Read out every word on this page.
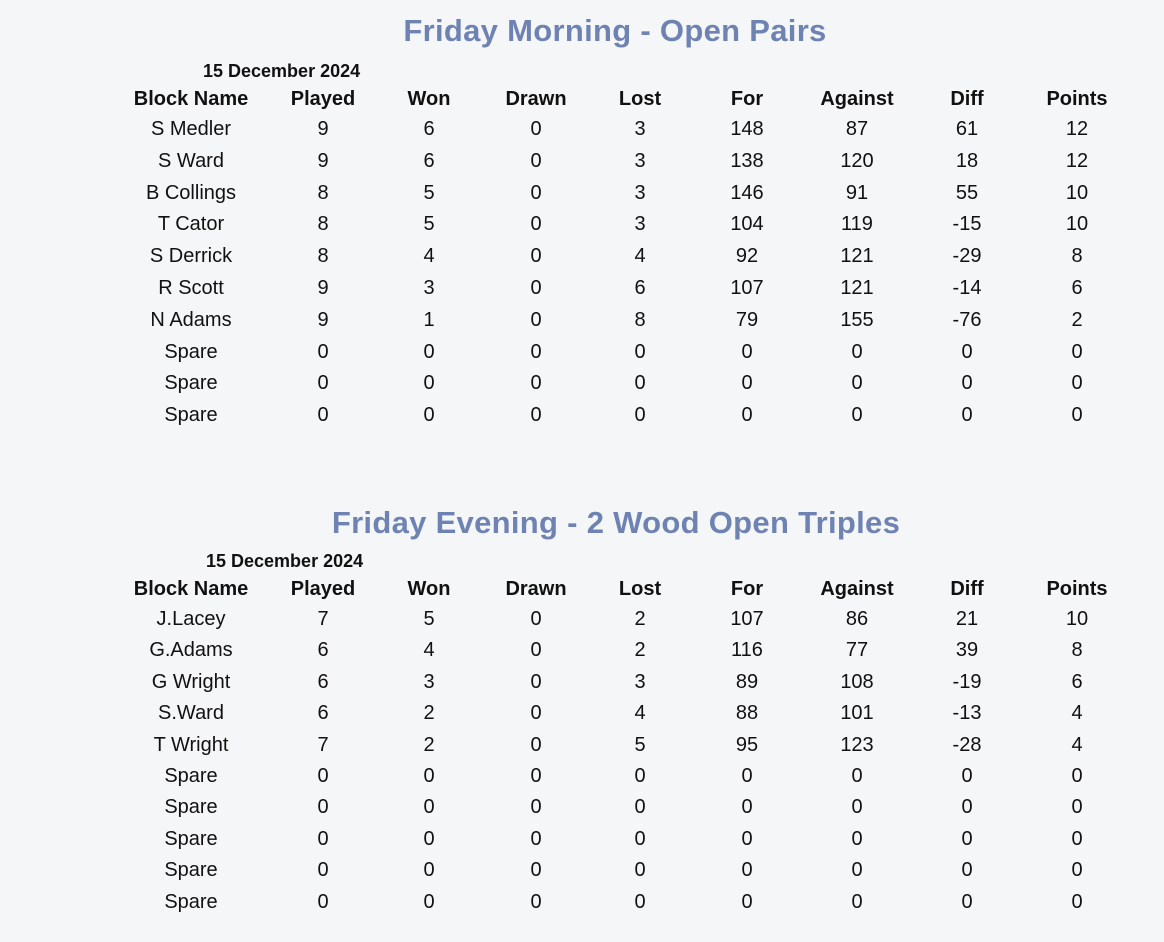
Friday Morning - Open Pairs
15 December 2024
Block Name	Played	Won	Drawn	Lost	For	Against	Diff	Points
S Medler	9	6	0	3	148	87	61	12
S Ward	9	6	0	3	138	120	18	12
B Collings	8	5	0	3	146	91	55	10
T Cator	8	5	0	3	104	119	-15	10
S Derrick	8	4	0	4	92	121	-29	8
R Scott	9	3	0	6	107	121	-14	6
N Adams	9	1	0	8	79	155	-76	2
Spare	0	0	0	0	0	0	0	0
Spare	0	0	0	0	0	0	0	0
Spare	0	0	0	0	0	0	0	0
Friday Evening - 2 Wood Open Triples
15 December 2024
Block Name	Played	Won	Drawn	Lost	For	Against	Diff	Points
J.Lacey	7	5	0	2	107	86	21	10
G.Adams	6	4	0	2	116	77	39	8
G Wright	6	3	0	3	89	108	-19	6
S.Ward	6	2	0	4	88	101	-13	4
T Wright	7	2	0	5	95	123	-28	4
Spare	0	0	0	0	0	0	0	0
Spare	0	0	0	0	0	0	0	0
Spare	0	0	0	0	0	0	0	0
Spare	0	0	0	0	0	0	0	0
Spare	0	0	0	0	0	0	0	0
